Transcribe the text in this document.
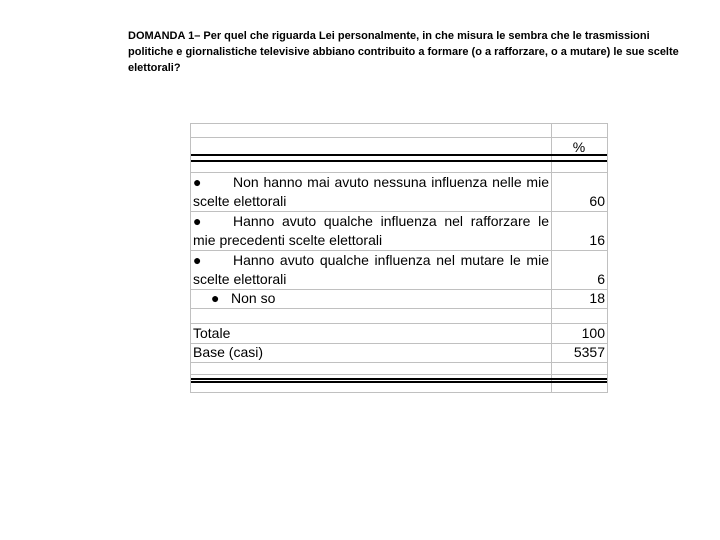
DOMANDA 1– Per quel che riguarda Lei personalmente, in che misura le sembra che le trasmissioni politiche e giornalistiche televisive abbiano contribuito a formare (o a rafforzare, o a mutare) le sue scelte elettorali?
%
● Non hanno mai avuto nessuna influenza nelle mie scelte elettorali	60
● Hanno avuto qualche influenza nel rafforzare le mie precedenti scelte elettorali	16
● Hanno avuto qualche influenza nel mutare le mie scelte elettorali	6
● Non so	18
Totale	100
Base (casi)	5357
